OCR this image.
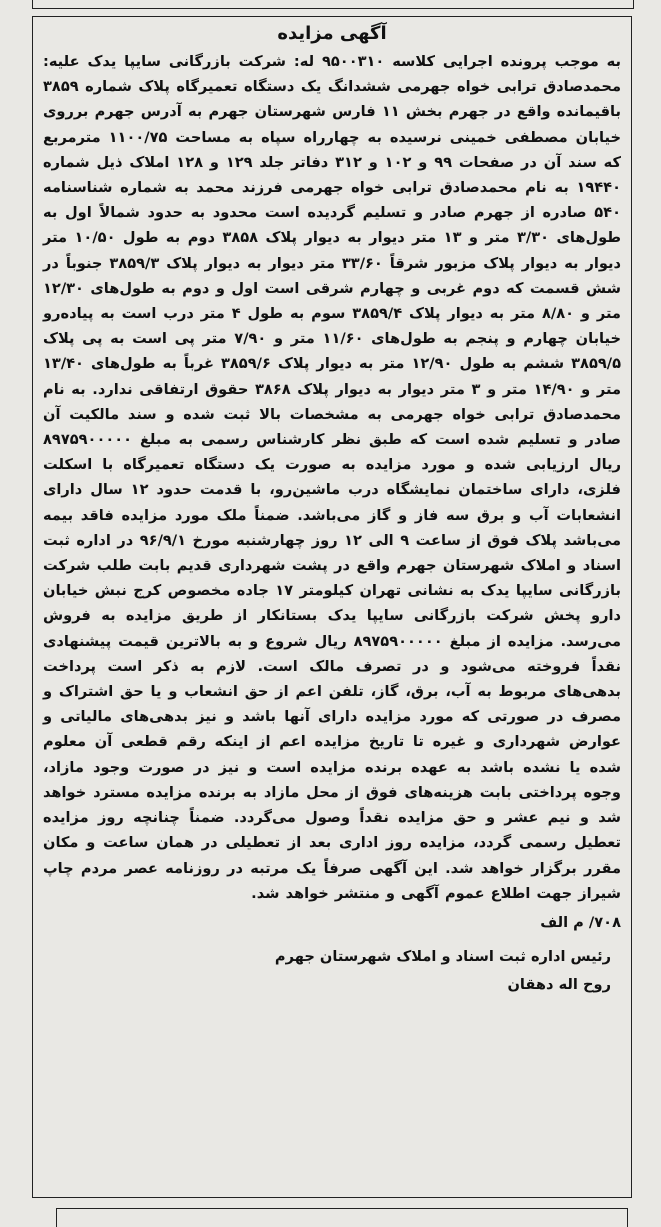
آگهی مزایده

به موجب پرونده اجرایی کلاسه ۹۵۰۰۳۱۰ له: شرکت بازرگانی سایپا یدک علیه: محمدصادق ترابی خواه جهرمی ششدانگ یک دستگاه تعمیرگاه پلاک شماره ۳۸۵۹ باقیمانده واقع در جهرم بخش ۱۱ فارس شهرستان جهرم به آدرس جهرم برروی خیابان مصطفی خمینی نرسیده به چهارراه سپاه به مساحت ۱۱۰۰/۷۵ مترمربع که سند آن در صفحات ۹۹ و ۱۰۲ و ۳۱۲ دفاتر جلد ۱۲۹ و ۱۲۸ املاک ذیل شماره ۱۹۴۴۰ به نام محمدصادق ترابی خواه جهرمی فرزند محمد به شماره شناسنامه ۵۴۰ صادره از جهرم صادر و تسلیم گردیده است محدود به حدود شمالاً اول به طول‌های ۳/۳۰ متر و ۱۳ متر دیوار به دیوار پلاک ۳۸۵۸ دوم به طول ۱۰/۵۰ متر دیوار به دیوار پلاک مزبور شرقاً ۳۳/۶۰ متر دیوار به دیوار پلاک ۳۸۵۹/۳ جنوباً در شش قسمت که دوم غربی و چهارم شرقی است اول و دوم به طول‌های ۱۲/۳۰ متر و ۸/۸۰ متر به دیوار پلاک ۳۸۵۹/۴ سوم به طول ۴ متر درب است به پیاده‌رو خیابان چهارم و پنجم به طول‌های ۱۱/۶۰ متر و ۷/۹۰ متر پی است به پی پلاک ۳۸۵۹/۵ ششم به طول ۱۲/۹۰ متر به دیوار پلاک ۳۸۵۹/۶ غرباً به طول‌های ۱۳/۴۰ متر و ۱۴/۹۰ متر و ۳ متر دیوار به دیوار پلاک ۳۸۶۸ حقوق ارتفاقی ندارد. به نام محمدصادق ترابی خواه جهرمی به مشخصات بالا ثبت شده و سند مالکیت آن صادر و تسلیم شده است که طبق نظر کارشناس رسمی به مبلغ ۸۹۷۵۹۰۰۰۰۰ ریال ارزیابی شده و مورد مزایده به صورت یک دستگاه تعمیرگاه با اسکلت فلزی، دارای ساختمان نمایشگاه درب ماشین‌رو، با قدمت حدود ۱۲ سال دارای انشعابات آب و برق سه فاز و گاز می‌باشد. ضمناً ملک مورد مزایده فاقد بیمه می‌باشد پلاک فوق از ساعت ۹ الی ۱۲ روز چهارشنبه مورخ ۹۶/۹/۱ در اداره ثبت اسناد و املاک شهرستان جهرم واقع در پشت شهرداری قدیم بابت طلب شرکت بازرگانی سایپا یدک به نشانی تهران کیلومتر ۱۷ جاده مخصوص کرج نبش خیابان دارو پخش شرکت بازرگانی سایپا یدک بستانکار از طریق مزایده به فروش می‌رسد. مزایده از مبلغ ۸۹۷۵۹۰۰۰۰۰ ریال شروع و به بالاترین قیمت پیشنهادی نقداً فروخته می‌شود و در تصرف مالک است. لازم به ذکر است پرداخت بدهی‌های مربوط به آب، برق، گاز، تلفن اعم از حق انشعاب و یا حق اشتراک و مصرف در صورتی که مورد مزایده دارای آنها باشد و نیز بدهی‌های مالیاتی و عوارض شهرداری و غیره تا تاریخ مزایده اعم از اینکه رقم قطعی آن معلوم شده یا نشده باشد به عهده برنده مزایده است و نیز در صورت وجود مازاد، وجوه پرداختی بابت هزینه‌های فوق از محل مازاد به برنده مزایده مسترد خواهد شد و نیم عشر و حق مزایده نقداً وصول می‌گردد. ضمناً چنانچه روز مزایده تعطیل رسمی گردد، مزایده روز اداری بعد از تعطیلی در همان ساعت و مکان مقرر برگزار خواهد شد. این آگهی صرفاً یک مرتبه در روزنامه عصر مردم چاپ شیراز جهت اطلاع عموم آگهی و منتشر خواهد شد.

۷۰۸/ م الف
رئیس اداره ثبت اسناد و املاک شهرستان جهرم
روح اله دهقان
